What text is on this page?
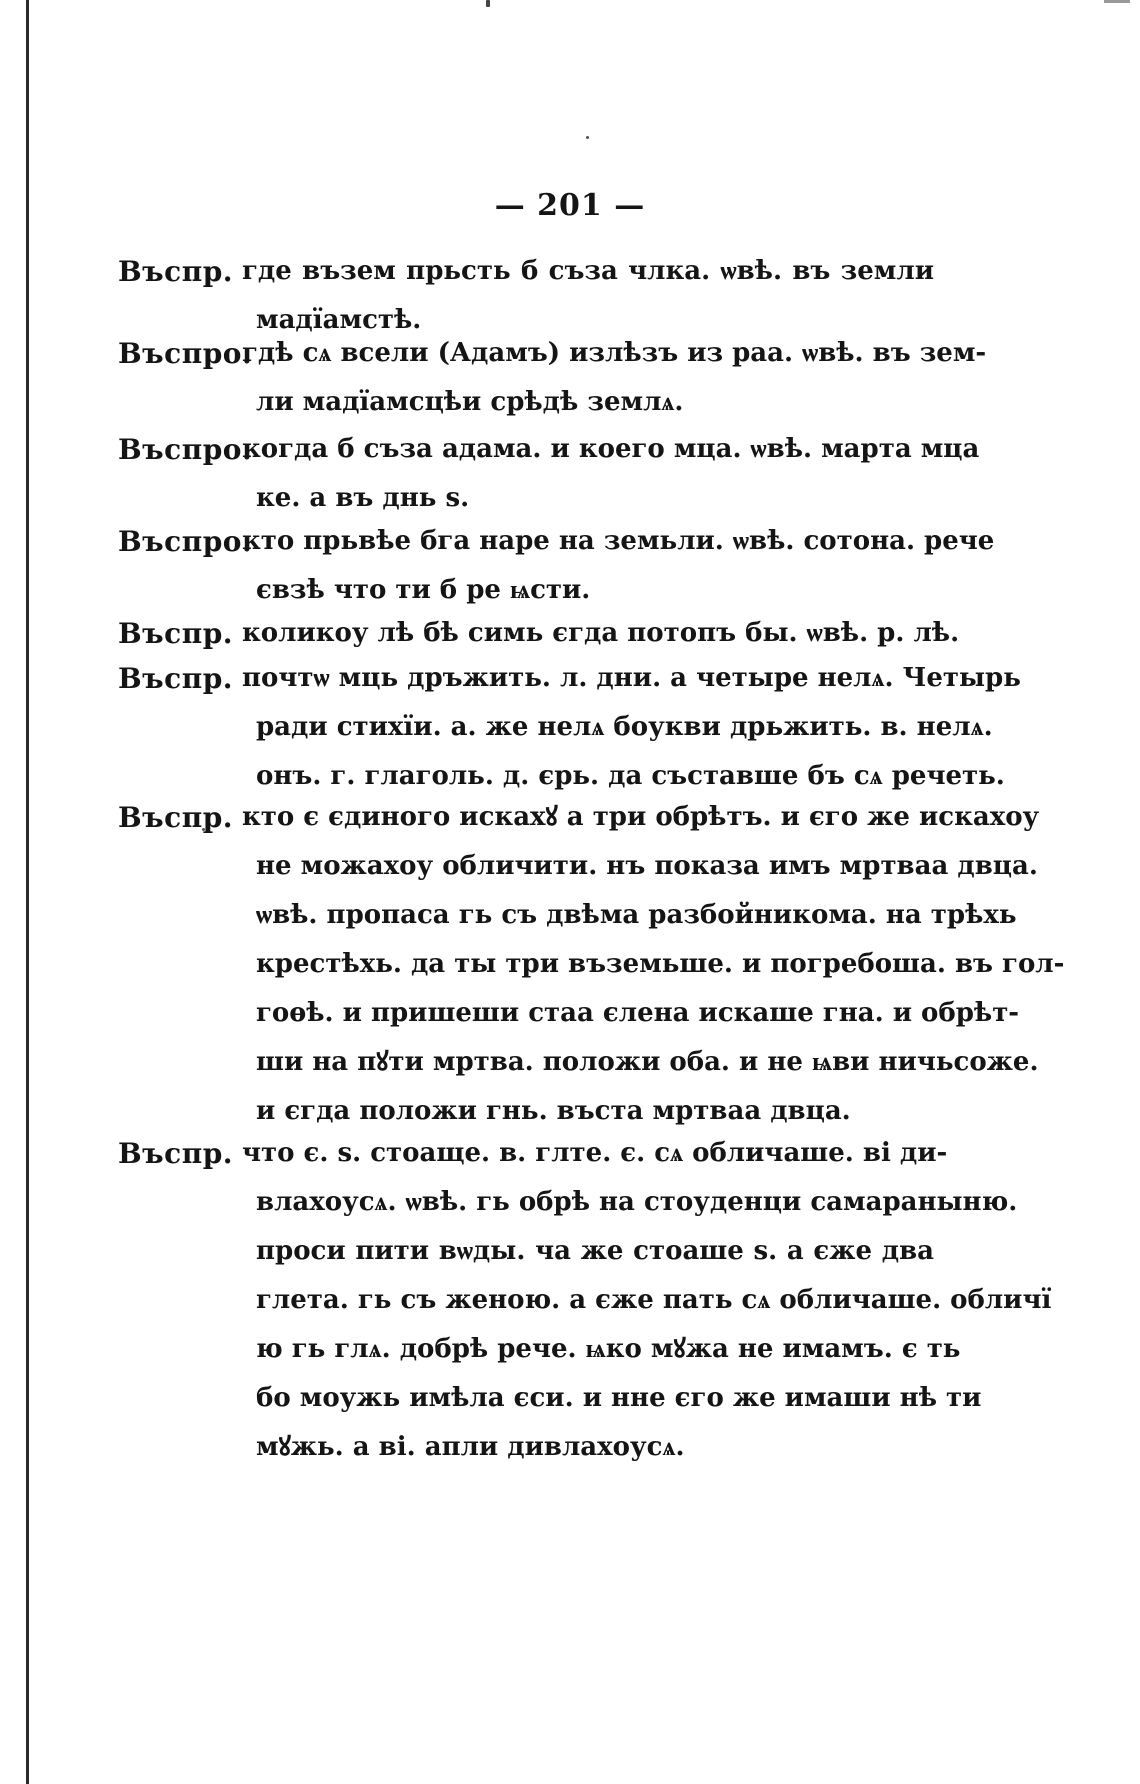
— 201 —
Въспр. где възем прьсть б съза члка. ѡвѣ. въ земли
мадїамстѣ.
Въспро.
гдѣ сѧ всели (Адамъ) излѣзъ из раа. ѡвѣ. въ зем-
ли мадїамсцѣи срѣдѣ землѧ.
Въспро.
когда б съза адама. и коего мца. ѡвѣ. марта мца
ке. а въ днь ѕ.
Въспро.
кто прьвѣе бга наре на земьли. ѡвѣ. сотона. рече
євзѣ что ти б ре ѩсти.
Въспр. коликоу лѣ бѣ симь єгда потопъ бы. ѡвѣ. р. лѣ.
Въспр. почтѡ мць дръжить. л. дни. а четыре нелѧ. Четырь
ради стихїи. а. же нелѧ боукви дрьжить. в. нелѧ.
онъ. г. глаголь. д. єрь. да съставше бъ сѧ речеть.
Въспр. кто є єдиного искахꙋ а три обрѣтъ. и єго же искахоу
не можахоу обличити. нъ показа имъ мртваа двца.
ѡвѣ. пропаса гь съ двѣма разбойникома. на трѣхь
крестѣхь. да ты три въземьше. и погребоша. въ гол-
гоѳѣ. и пришеши стаа єлена искаше гна. и обрѣт-
ши на пꙋти мртва. положи оба. и не ѩви ничьсоже.
и єгда положи гнь. въста мртваа двца.
Въспр. что є. ѕ. стоаще. в. глте. є. сѧ обличаше. ві ди-
влахоусѧ. ѡвѣ. гь обрѣ на стоуденци самараныню.
проси пити вѡды. ча же стоаше ѕ. а єже два
глета. гь съ женою. а єже пать сѧ обличаше. обличї
ю гь глѧ. добрѣ рече. ѩко мꙋжа не имамъ. є ть
бо моужь имѣла єси. и нне єго же имаши нѣ ти
мꙋжь. а ві. апли дивлахоусѧ.
